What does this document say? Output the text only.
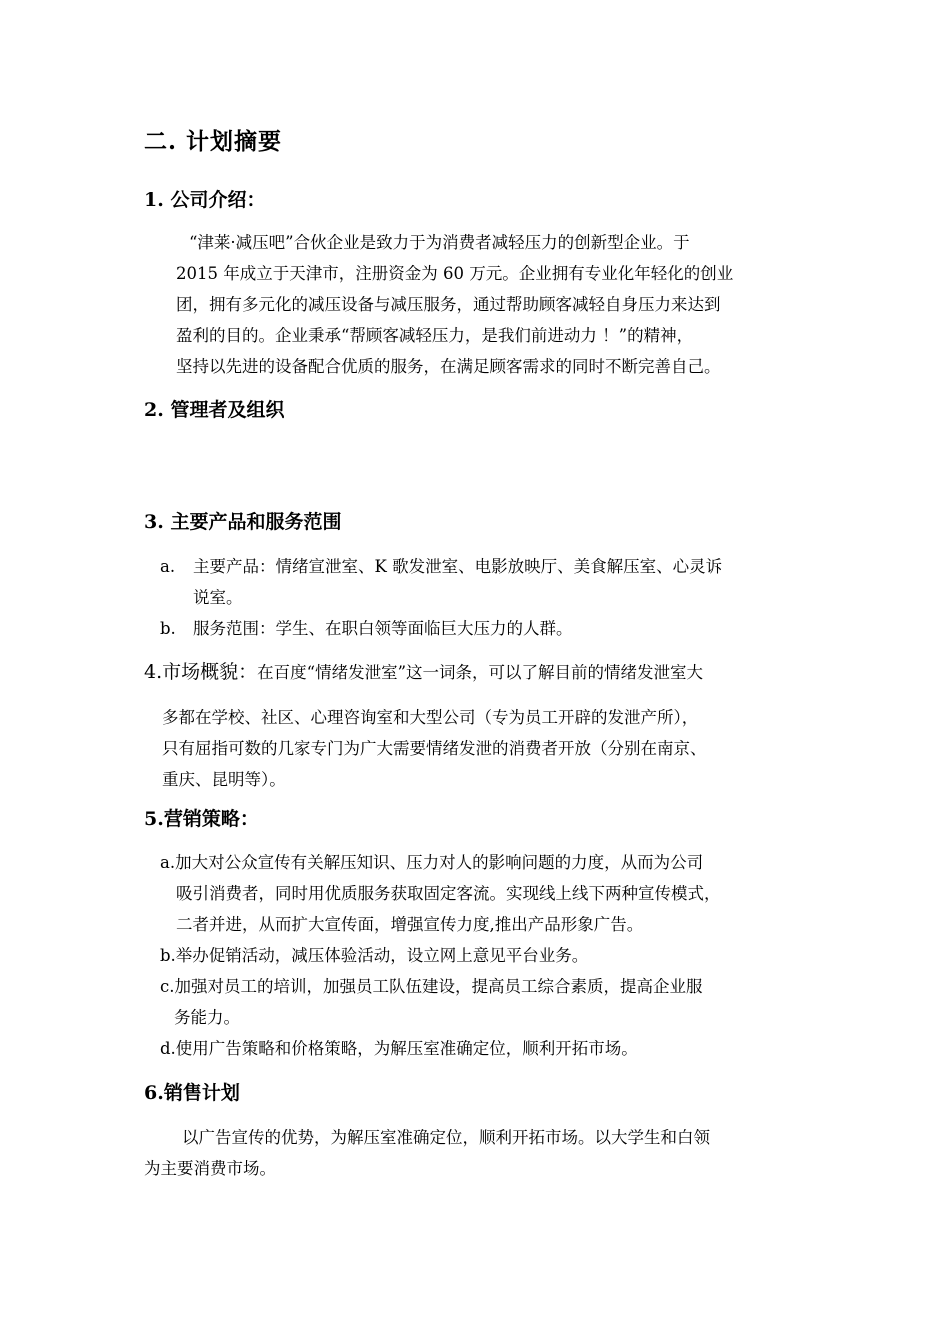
二. 计划摘要
1. 公司介绍：
“津莱·减压吧”合伙企业是致力于为消费者减轻压力的创新型企业。于
2015 年成立于天津市，注册资金为 60 万元。企业拥有专业化年轻化的创业
团，拥有多元化的减压设备与减压服务，通过帮助顾客减轻自身压力来达到
盈利的目的。企业秉承“帮顾客减轻压力，是我们前进动力 ！”的精神，
坚持以先进的设备配合优质的服务，在满足顾客需求的同时不断完善自己。
2. 管理者及组织
3. 主要产品和服务范围
a. 主要产品：情绪宣泄室、K 歌发泄室、电影放映厅、美食解压室、心灵诉
说室。
b. 服务范围：学生、在职白领等面临巨大压力的人群。
4.市场概貌：在百度“情绪发泄室”这一词条，可以了解目前的情绪发泄室大
多都在学校、社区、心理咨询室和大型公司（专为员工开辟的发泄产所），
只有屈指可数的几家专门为广大需要情绪发泄的消费者开放（分别在南京、
重庆、昆明等）。
5.营销策略：
a.加大对公众宣传有关解压知识、压力对人的影响问题的力度，从而为公司
吸引消费者，同时用优质服务获取固定客流。实现线上线下两种宣传模式，
二者并进，从而扩大宣传面，增强宣传力度,推出产品形象广告。
b.举办促销活动，减压体验活动，设立网上意见平台业务。
c.加强对员工的培训，加强员工队伍建设，提高员工综合素质，提高企业服
务能力。
d.使用广告策略和价格策略，为解压室准确定位，顺利开拓市场。
6.销售计划
以广告宣传的优势，为解压室准确定位，顺利开拓市场。以大学生和白领
为主要消费市场。
